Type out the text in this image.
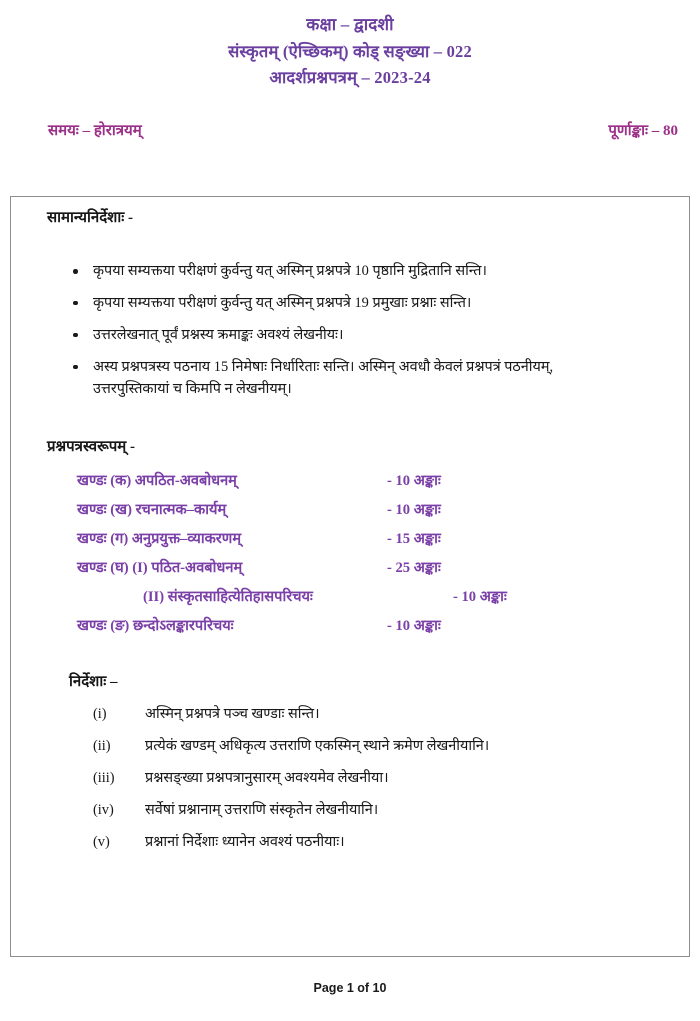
कक्षा – द्वादशी
संस्कृतम् (ऐच्छिकम्) कोड् सङ्ख्या – 022
आदर्शप्रश्नपत्रम् – 2023-24
समयः – होरात्रयम्	पूर्णाङ्काः – 80
सामान्यनिर्देशाः -
कृपया सम्यक्तया परीक्षणं कुर्वन्तु यत् अस्मिन् प्रश्नपत्रे 10 पृष्ठानि मुद्रितानि सन्ति।
कृपया सम्यक्तया परीक्षणं कुर्वन्तु यत् अस्मिन् प्रश्नपत्रे 19 प्रमुखाः प्रश्नाः सन्ति।
उत्तरलेखनात् पूर्वं प्रश्नस्य क्रमाङ्कः अवश्यं लेखनीयः।
अस्य प्रश्नपत्रस्य पठनाय 15 निमेषाः निर्धारिताः सन्ति। अस्मिन् अवधौ केवलं प्रश्नपत्रं पठनीयम्,
उत्तरपुस्तिकायां च किमपि न लेखनीयम्।
प्रश्नपत्रस्वरूपम् -
खण्डः (क) अपठित-अवबोधनम्	- 10 अङ्काः
खण्डः (ख) रचनात्मक–कार्यम्	- 10 अङ्काः
खण्डः (ग) अनुप्रयुक्त–व्याकरणम्	- 15 अङ्काः
खण्डः (घ) (I) पठित-अवबोधनम्	- 25 अङ्काः
(II) संस्कृतसाहित्येतिहासपरिचयः	- 10 अङ्काः
खण्डः (ङ) छन्दोऽलङ्कारपरिचयः	- 10 अङ्काः
निर्देशाः –
(i)	अस्मिन् प्रश्नपत्रे पञ्च खण्डाः सन्ति।
(ii)	प्रत्येकं खण्डम् अधिकृत्य उत्तराणि एकस्मिन् स्थाने क्रमेण लेखनीयानि।
(iii)	प्रश्नसङ्ख्या प्रश्नपत्रानुसारम् अवश्यमेव लेखनीया।
(iv)	सर्वेषां प्रश्नानाम् उत्तराणि संस्कृतेन लेखनीयानि।
(v)	प्रश्नानां निर्देशाः ध्यानेन अवश्यं पठनीयाः।
Page 1 of 10
